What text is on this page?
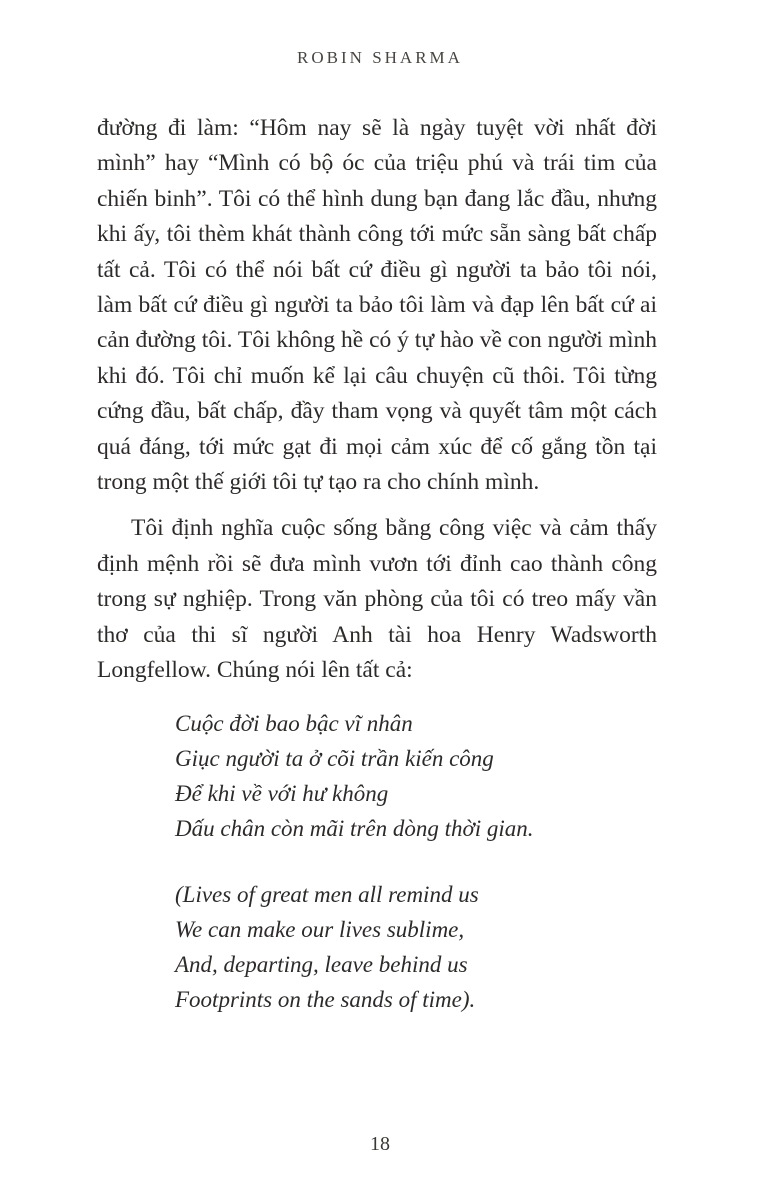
ROBIN SHARMA

đường đi làm: “Hôm nay sẽ là ngày tuyệt vời nhất đời mình” hay “Mình có bộ óc của triệu phú và trái tim của chiến binh”. Tôi có thể hình dung bạn đang lắc đầu, nhưng khi ấy, tôi thèm khát thành công tới mức sẵn sàng bất chấp tất cả. Tôi có thể nói bất cứ điều gì người ta bảo tôi nói, làm bất cứ điều gì người ta bảo tôi làm và đạp lên bất cứ ai cản đường tôi. Tôi không hề có ý tự hào về con người mình khi đó. Tôi chỉ muốn kể lại câu chuyện cũ thôi. Tôi từng cứng đầu, bất chấp, đầy tham vọng và quyết tâm một cách quá đáng, tới mức gạt đi mọi cảm xúc để cố gắng tồn tại trong một thế giới tôi tự tạo ra cho chính mình.

Tôi định nghĩa cuộc sống bằng công việc và cảm thấy định mệnh rồi sẽ đưa mình vươn tới đỉnh cao thành công trong sự nghiệp. Trong văn phòng của tôi có treo mấy vần thơ của thi sĩ người Anh tài hoa Henry Wadsworth Longfellow. Chúng nói lên tất cả:

Cuộc đời bao bậc vĩ nhân
Giục người ta ở cõi trần kiến công
Để khi về với hư không
Dấu chân còn mãi trên dòng thời gian.
(Lives of great men all remind us
We can make our lives sublime,
And, departing, leave behind us
Footprints on the sands of time).
18
